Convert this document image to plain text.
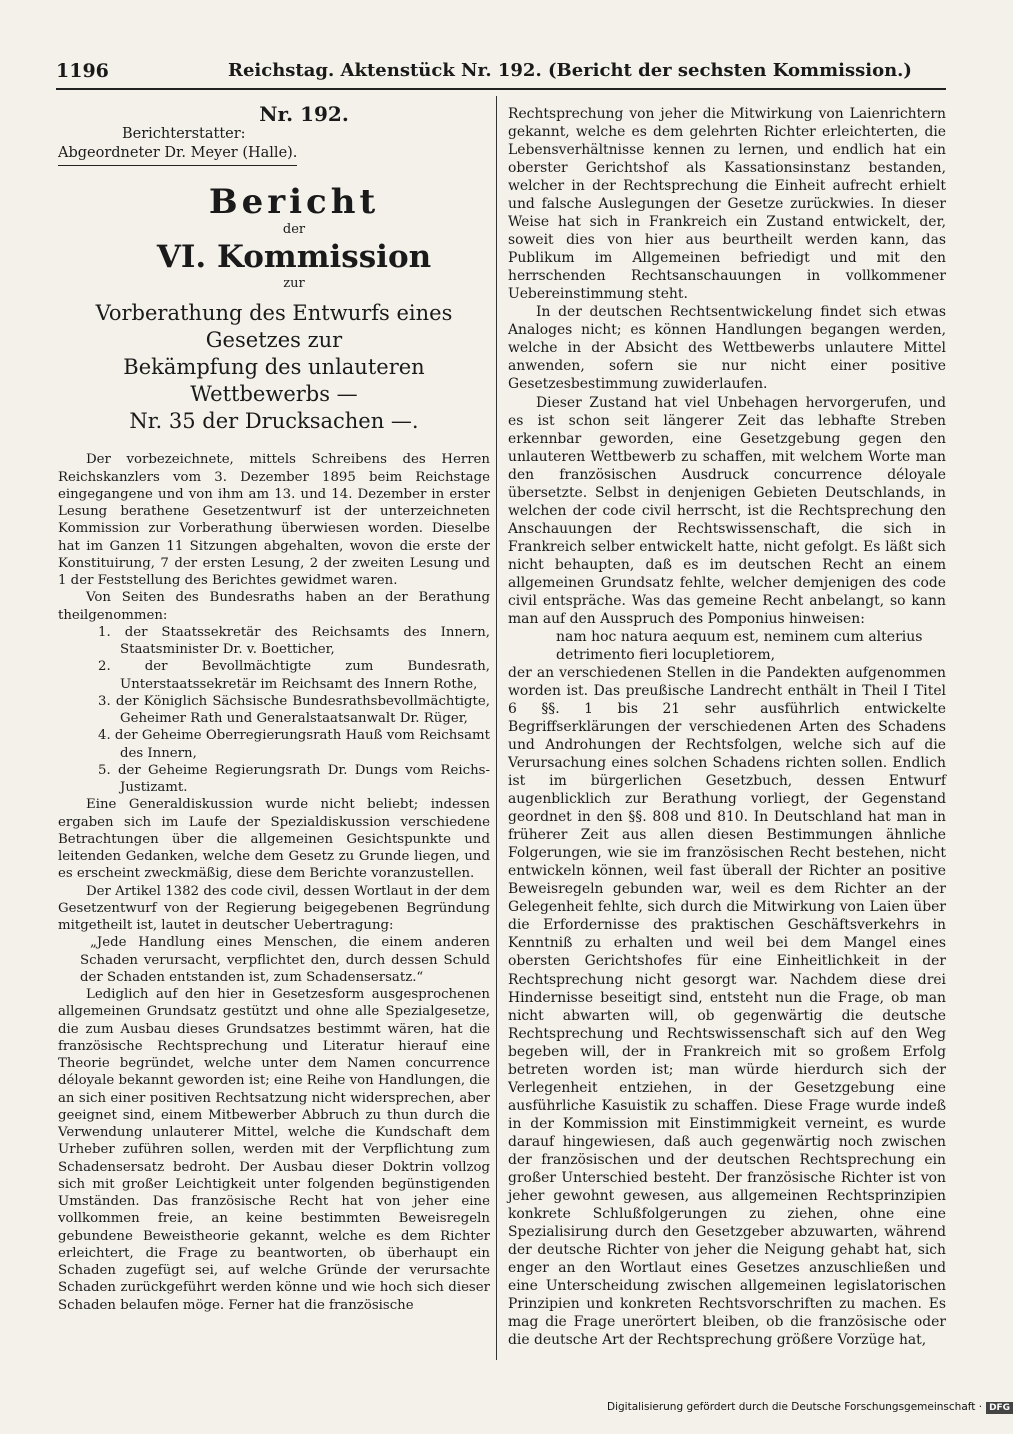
1196	Reichstag. Aktenstück Nr. 192. (Bericht der sechsten Kommission.)
Nr. 192.
Berichterstatter:
Abgeordneter Dr. Meyer (Halle).
Bericht
der
VI. Kommission
zur
Vorberathung des Entwurfs eines Gesetzes zur
Bekämpfung des unlauteren Wettbewerbs —
Nr. 35 der Drucksachen —.

Der vorbezeichnete, mittels Schreibens des Herren Reichskanzlers vom 3. Dezember 1895 beim Reichstage eingegangene und von ihm am 13. und 14. Dezember in erster Lesung berathene Gesetzentwurf ist der unterzeichneten Kommission zur Vorberathung überwiesen worden. Dieselbe hat im Ganzen 11 Sitzungen abgehalten, wovon die erste der Konstituirung, 7 der ersten Lesung, 2 der zweiten Lesung und 1 der Feststellung des Berichtes gewidmet waren.

Von Seiten des Bundesraths haben an der Berathung theilgenommen:

1. der Staatssekretär des Reichsamts des Innern, Staatsminister Dr. v. Boetticher,
2. der Bevollmächtigte zum Bundesrath, Unterstaatssekretär im Reichsamt des Innern Rothe,
3. der Königlich Sächsische Bundesrathsbevollmächtigte, Geheimer Rath und Generalstaatsanwalt Dr. Rüger,
4. der Geheime Oberregierungsrath Hauß vom Reichsamt des Innern,
5. der Geheime Regierungsrath Dr. Dungs vom Reichs-Justizamt.

Eine Generaldiskussion wurde nicht beliebt; indessen ergaben sich im Laufe der Spezialdiskussion verschiedene Betrachtungen über die allgemeinen Gesichtspunkte und leitenden Gedanken, welche dem Gesetz zu Grunde liegen, und es erscheint zweckmäßig, diese dem Berichte voranzustellen.

Der Artikel 1382 des code civil, dessen Wortlaut in der dem Gesetzentwurf von der Regierung beigegebenen Begründung mitgetheilt ist, lautet in deutscher Uebertragung:

„Jede Handlung eines Menschen, die einem anderen Schaden verursacht, verpflichtet den, durch dessen Schuld der Schaden entstanden ist, zum Schadensersatz.“

Lediglich auf den hier in Gesetzesform ausgesprochenen allgemeinen Grundsatz gestützt und ohne alle Spezialgesetze, die zum Ausbau dieses Grundsatzes bestimmt wären, hat die französische Rechtsprechung und Literatur hierauf eine Theorie begründet, welche unter dem Namen concurrence déloyale bekannt geworden ist; eine Reihe von Handlungen, die an sich einer positiven Rechtsatzung nicht widersprechen, aber geeignet sind, einem Mitbewerber Abbruch zu thun durch die Verwendung unlauterer Mittel, welche die Kundschaft dem Urheber zuführen sollen, werden mit der Verpflichtung zum Schadensersatz bedroht. Der Ausbau dieser Doktrin vollzog sich mit großer Leichtigkeit unter folgenden begünstigenden Umständen. Das französische Recht hat von jeher eine vollkommen freie, an keine bestimmten Beweisregeln gebundene Beweistheorie gekannt, welche es dem Richter erleichtert, die Frage zu beantworten, ob überhaupt ein Schaden zugefügt sei, auf welche Gründe der verursachte Schaden zurückgeführt werden könne und wie hoch sich dieser Schaden belaufen möge. Ferner hat die französische

Rechtsprechung von jeher die Mitwirkung von Laienrichtern gekannt, welche es dem gelehrten Richter erleichterten, die Lebensverhältnisse kennen zu lernen, und endlich hat ein oberster Gerichtshof als Kassationsinstanz bestanden, welcher in der Rechtsprechung die Einheit aufrecht erhielt und falsche Auslegungen der Gesetze zurückwies. In dieser Weise hat sich in Frankreich ein Zustand entwickelt, der, soweit dies von hier aus beurtheilt werden kann, das Publikum im Allgemeinen befriedigt und mit den herrschenden Rechtsanschauungen in vollkommener Uebereinstimmung steht.

In der deutschen Rechtsentwickelung findet sich etwas Analoges nicht; es können Handlungen begangen werden, welche in der Absicht des Wettbewerbs unlautere Mittel anwenden, sofern sie nur nicht einer positive Gesetzesbestimmung zuwiderlaufen.

Dieser Zustand hat viel Unbehagen hervorgerufen, und es ist schon seit längerer Zeit das lebhafte Streben erkennbar geworden, eine Gesetzgebung gegen den unlauteren Wettbewerb zu schaffen, mit welchem Worte man den französischen Ausdruck concurrence déloyale übersetzte. Selbst in denjenigen Gebieten Deutschlands, in welchen der code civil herrscht, ist die Rechtsprechung den Anschauungen der Rechtswissenschaft, die sich in Frankreich selber entwickelt hatte, nicht gefolgt. Es läßt sich nicht behaupten, daß es im deutschen Recht an einem allgemeinen Grundsatz fehlte, welcher demjenigen des code civil entspräche. Was das gemeine Recht anbelangt, so kann man auf den Ausspruch des Pomponius hinweisen:

nam hoc natura aequum est, neminem cum alterius

detrimento fieri locupletiorem,

der an verschiedenen Stellen in die Pandekten aufgenommen worden ist. Das preußische Landrecht enthält in Theil I Titel 6 §§. 1 bis 21 sehr ausführlich entwickelte Begriffserklärungen der verschiedenen Arten des Schadens und Androhungen der Rechtsfolgen, welche sich auf die Verursachung eines solchen Schadens richten sollen. Endlich ist im bürgerlichen Gesetzbuch, dessen Entwurf augenblicklich zur Berathung vorliegt, der Gegenstand geordnet in den §§. 808 und 810. In Deutschland hat man in früherer Zeit aus allen diesen Bestimmungen ähnliche Folgerungen, wie sie im französischen Recht bestehen, nicht entwickeln können, weil fast überall der Richter an positive Beweisregeln gebunden war, weil es dem Richter an der Gelegenheit fehlte, sich durch die Mitwirkung von Laien über die Erfordernisse des praktischen Geschäftsverkehrs in Kenntniß zu erhalten und weil bei dem Mangel eines obersten Gerichtshofes für eine Einheitlichkeit in der Rechtsprechung nicht gesorgt war. Nachdem diese drei Hindernisse beseitigt sind, entsteht nun die Frage, ob man nicht abwarten will, ob gegenwärtig die deutsche Rechtsprechung und Rechtswissenschaft sich auf den Weg begeben will, der in Frankreich mit so großem Erfolg betreten worden ist; man würde hierdurch sich der Verlegenheit entziehen, in der Gesetzgebung eine ausführliche Kasuistik zu schaffen. Diese Frage wurde indeß in der Kommission mit Einstimmigkeit verneint, es wurde darauf hingewiesen, daß auch gegenwärtig noch zwischen der französischen und der deutschen Rechtsprechung ein großer Unterschied besteht. Der französische Richter ist von jeher gewohnt gewesen, aus allgemeinen Rechtsprinzipien konkrete Schlußfolgerungen zu ziehen, ohne eine Spezialisirung durch den Gesetzgeber abzuwarten, während der deutsche Richter von jeher die Neigung gehabt hat, sich enger an den Wortlaut eines Gesetzes anzuschließen und eine Unterscheidung zwischen allgemeinen legislatorischen Prinzipien und konkreten Rechtsvorschriften zu machen. Es mag die Frage unerörtert bleiben, ob die französische oder die deutsche Art der Rechtsprechung größere Vorzüge hat,

Digitalisierung gefördert durch die Deutsche Forschungsgemeinschaft · DFG
